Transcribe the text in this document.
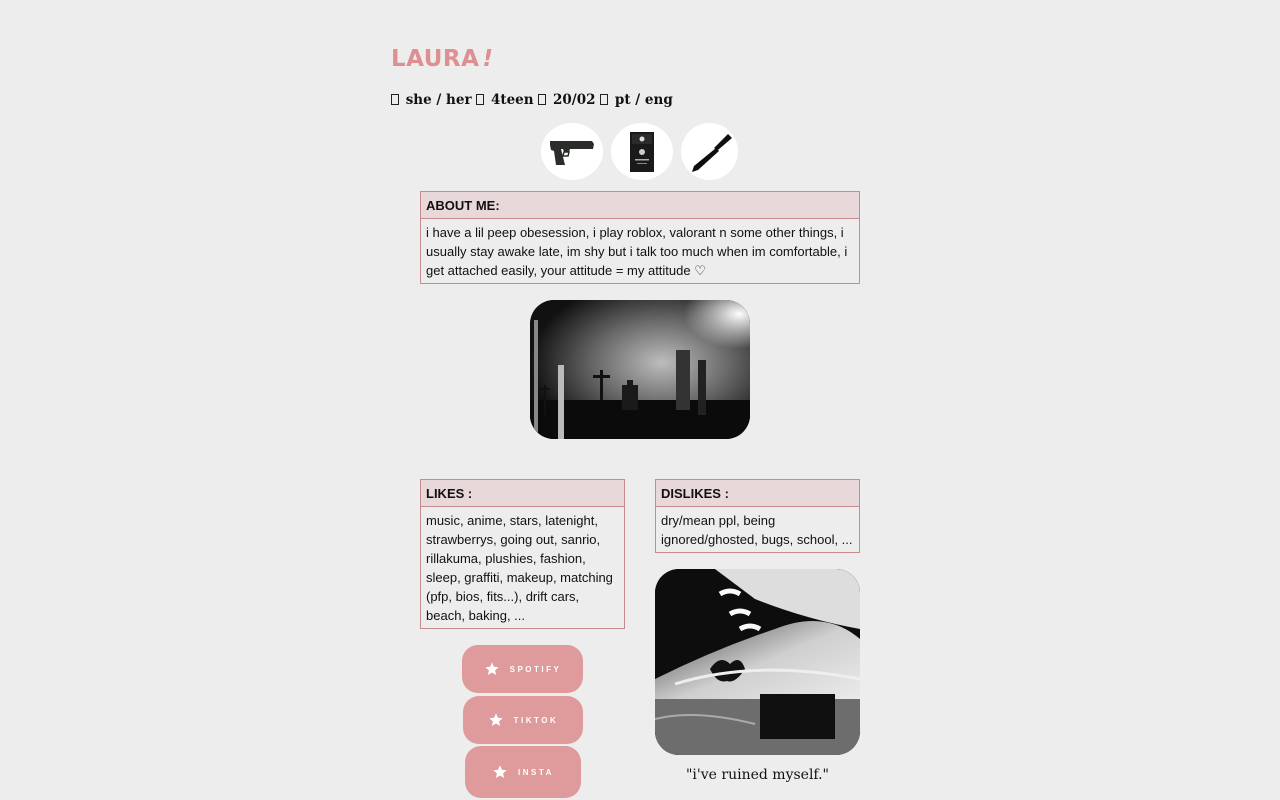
LAURA !
she / her 4teen 20/02 pt / eng
ABOUT ME:
i have a lil peep obesession, i play roblox, valorant n some other things, i usually stay awake late, im shy but i talk too much when im comfortable, i get attached easily, your attitude = my attitude ♡
LIKES :
music, anime, stars, latenight, strawberrys, going out, sanrio, rillakuma, plushies, fashion, sleep, graffiti, makeup, matching (pfp, bios, fits...), drift cars, beach, baking, ...
DISLIKES :
dry/mean ppl, being ignored/ghosted, bugs, school, ...
"i've ruined myself."
SPOTIFY
TIKTOK
INSTA
